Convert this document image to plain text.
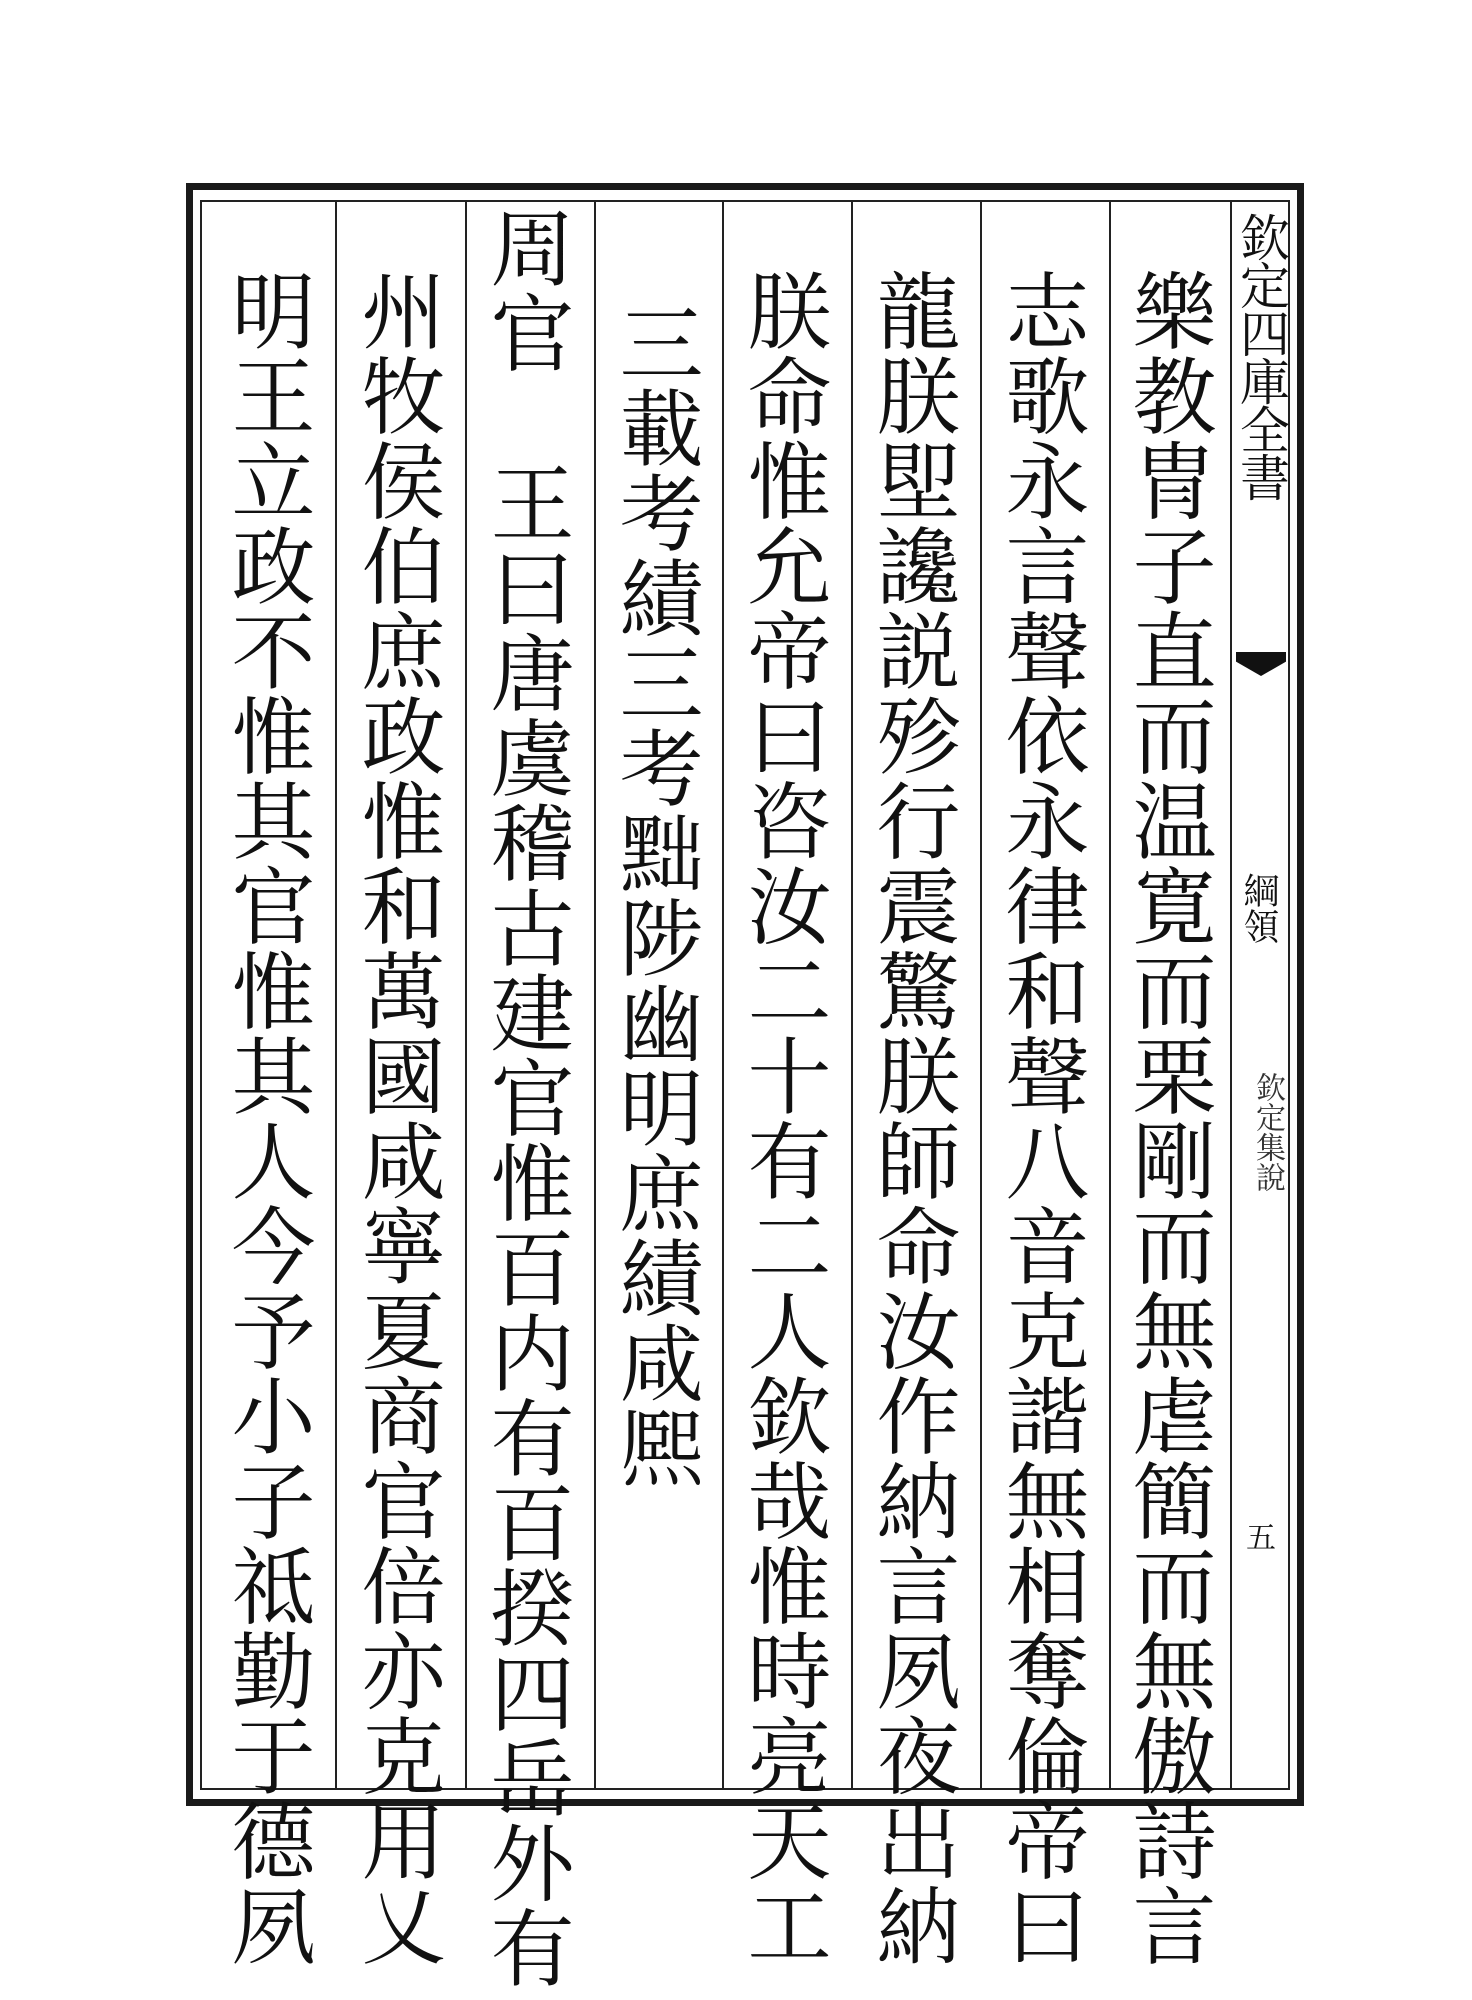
樂教冑子直而温寛而栗剛而無虐簡而無傲詩言
志歌永言聲依永律和聲八音克諧無相奪倫帝曰
龍朕堲讒説殄行震驚朕師命汝作納言夙夜出納
朕命惟允帝曰咨汝二十有二人欽哉惟時亮天工
三載考績三考黜陟幽明庶績咸熈
周官　王曰唐虞稽古建官惟百内有百揆四岳外有
州牧侯伯庶政惟和萬國咸寧夏商官倍亦克用乂
明王立政不惟其官惟其人今予小子祗勤于德夙	欽定四庫全書
綱領
欽定集說
五
